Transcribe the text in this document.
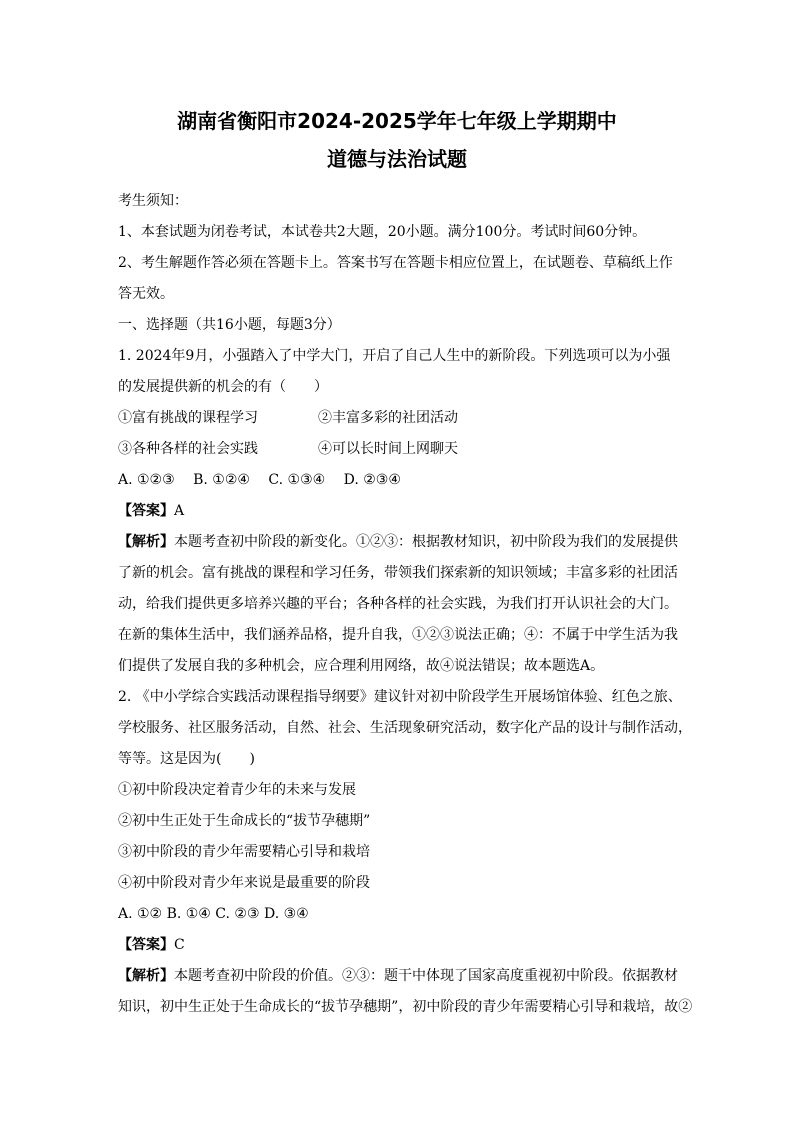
湖南省衡阳市2024-2025学年七年级上学期期中
道德与法治试题
考生须知：
1、本套试题为闭卷考试，本试卷共2大题，20小题。满分100分。考试时间60分钟。
2、考生解题作答必须在答题卡上。答案书写在答题卡相应位置上，在试题卷、草稿纸上作
答无效。
一、选择题（共16小题，每题3分）
1. 2024年9月，小强踏入了中学大门，开启了自己人生中的新阶段。下列选项可以为小强
的发展提供新的机会的有（　　）
①富有挑战的课程学习	②丰富多彩的社团活动
③各种各样的社会实践	④可以长时间上网聊天
A. ①②③　 B. ①②④　 C. ①③④　 D. ②③④
【答案】A
【解析】本题考查初中阶段的新变化。①②③：根据教材知识，初中阶段为我们的发展提供
了新的机会。富有挑战的课程和学习任务，带领我们探索新的知识领域；丰富多彩的社团活
动，给我们提供更多培养兴趣的平台；各种各样的社会实践，为我们打开认识社会的大门。
在新的集体生活中，我们涵养品格，提升自我，①②③说法正确；④：不属于中学生活为我
们提供了发展自我的多种机会，应合理利用网络，故④说法错误；故本题选A。
2. 《中小学综合实践活动课程指导纲要》建议针对初中阶段学生开展场馆体验、红色之旅、
学校服务、社区服务活动，自然、社会、生活现象研究活动，数字化产品的设计与制作活动，
等等。这是因为(　　)
①初中阶段决定着青少年的未来与发展
②初中生正处于生命成长的“拔节孕穗期”
③初中阶段的青少年需要精心引导和栽培
④初中阶段对青少年来说是最重要的阶段
A. ①② B. ①④ C. ②③ D. ③④
【答案】C
【解析】本题考查初中阶段的价值。②③：题干中体现了国家高度重视初中阶段。依据教材
知识，初中生正处于生命成长的“拔节孕穗期”，初中阶段的青少年需要精心引导和栽培，故②
